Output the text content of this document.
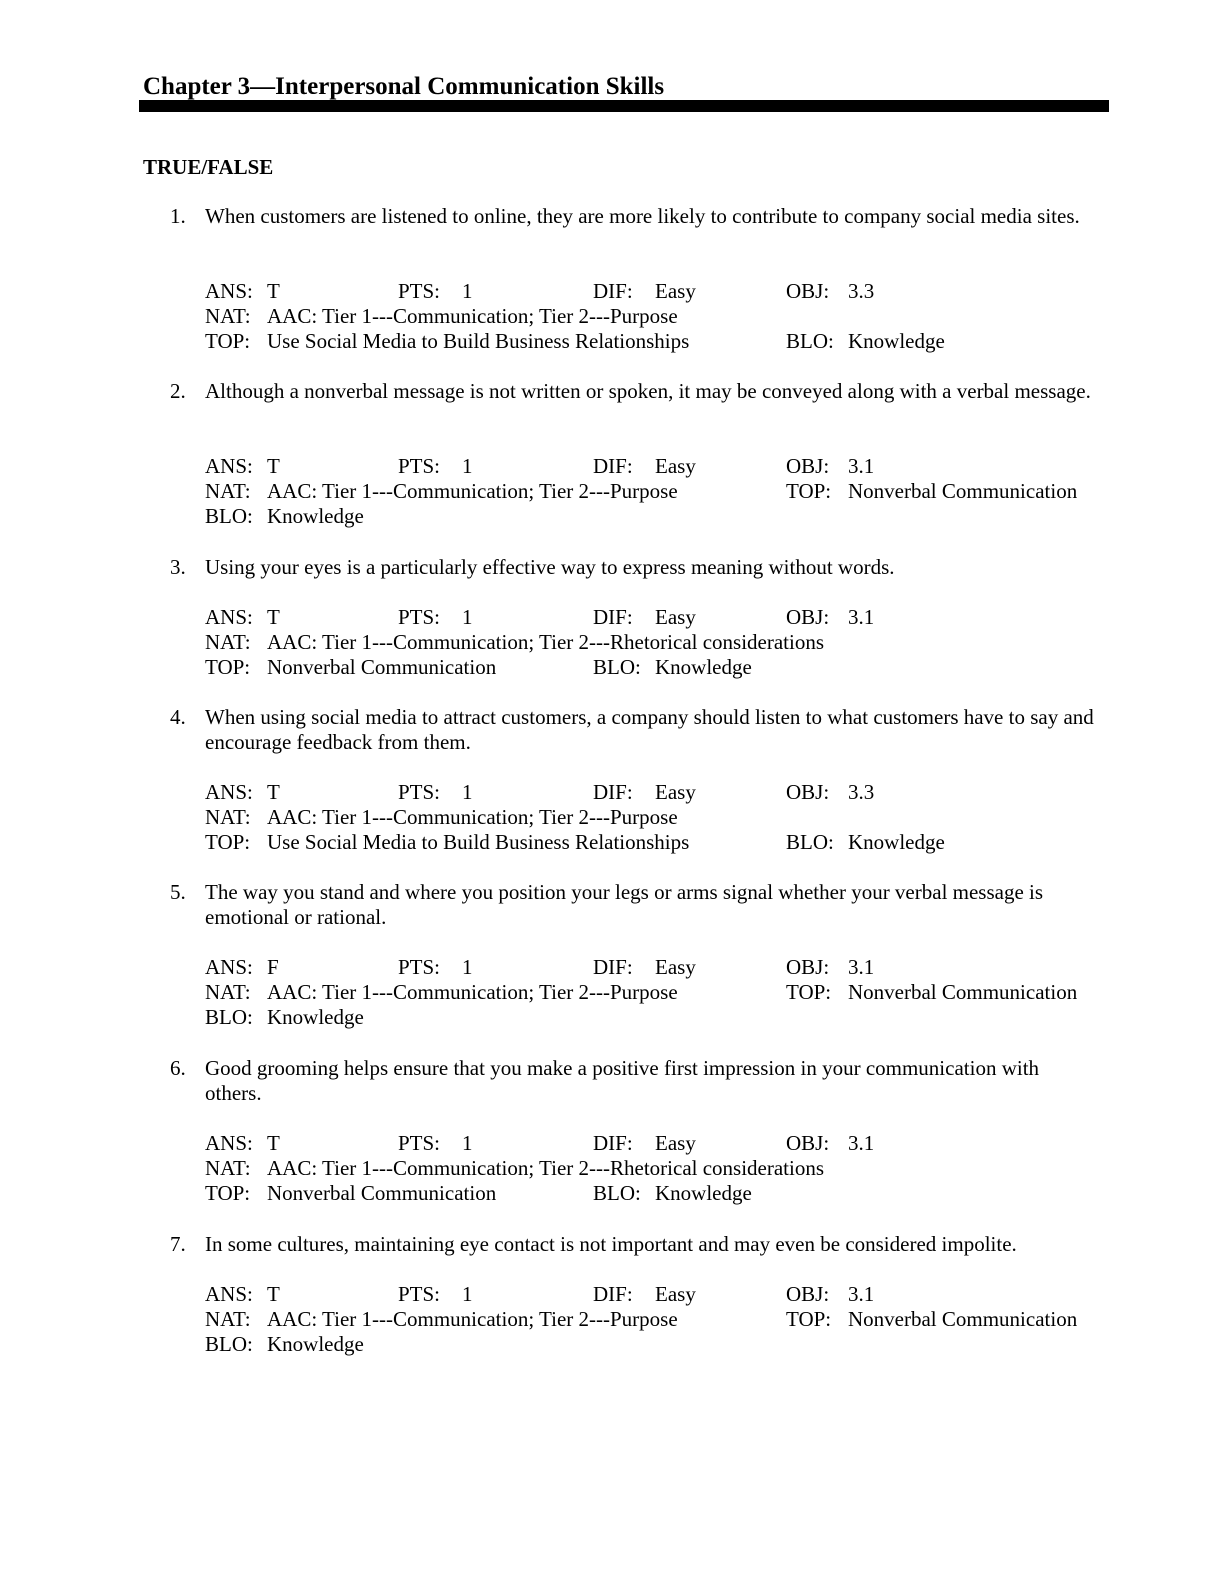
Chapter 3—Interpersonal Communication Skills
TRUE/FALSE
1. When customers are listened to online, they are more likely to contribute to company social media sites.
ANS: T	PTS: 1	DIF: Easy	OBJ: 3.3
NAT: AAC: Tier 1---Communication; Tier 2---Purpose
TOP: Use Social Media to Build Business Relationships	BLO: Knowledge
2. Although a nonverbal message is not written or spoken, it may be conveyed along with a verbal message.
ANS: T	PTS: 1	DIF: Easy	OBJ: 3.1
NAT: AAC: Tier 1---Communication; Tier 2---Purpose	TOP: Nonverbal Communication
BLO: Knowledge
3. Using your eyes is a particularly effective way to express meaning without words.
ANS: T	PTS: 1	DIF: Easy	OBJ: 3.1
NAT: AAC: Tier 1---Communication; Tier 2---Rhetorical considerations
TOP: Nonverbal Communication	BLO: Knowledge
4. When using social media to attract customers, a company should listen to what customers have to say and encourage feedback from them.
ANS: T	PTS: 1	DIF: Easy	OBJ: 3.3
NAT: AAC: Tier 1---Communication; Tier 2---Purpose
TOP: Use Social Media to Build Business Relationships	BLO: Knowledge
5. The way you stand and where you position your legs or arms signal whether your verbal message is emotional or rational.
ANS: F	PTS: 1	DIF: Easy	OBJ: 3.1
NAT: AAC: Tier 1---Communication; Tier 2---Purpose	TOP: Nonverbal Communication
BLO: Knowledge
6. Good grooming helps ensure that you make a positive first impression in your communication with others.
ANS: T	PTS: 1	DIF: Easy	OBJ: 3.1
NAT: AAC: Tier 1---Communication; Tier 2---Rhetorical considerations
TOP: Nonverbal Communication	BLO: Knowledge
7. In some cultures, maintaining eye contact is not important and may even be considered impolite.
ANS: T	PTS: 1	DIF: Easy	OBJ: 3.1
NAT: AAC: Tier 1---Communication; Tier 2---Purpose	TOP: Nonverbal Communication
BLO: Knowledge
